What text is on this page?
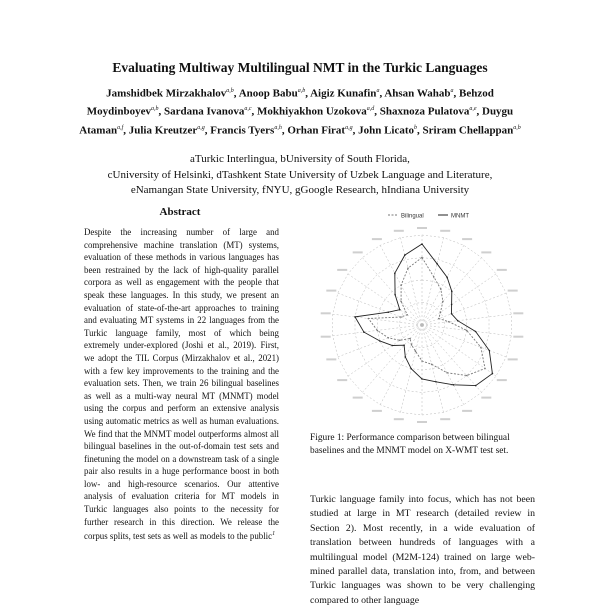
Evaluating Multiway Multilingual NMT in the Turkic Languages
Jamshidbek Mirzakhalov$^{a,b}$, Anoop Babu$^{a,b}$, Aigiz Kunafin$^a$, Ahsan Wahab$^a$, Behzod Moydinboyev$^{a,b}$, Sardana Ivanova$^{a,c}$, Mokhiyakhon Uzokova$^{a,d}$, Shaxnoza Pulatova$^{a,e}$, Duygu Ataman$^{a,f}$, Julia Kreutzer$^{a,g}$, Francis Tyers$^{a,h}$, Orhan Firat$^{a,g}$, John Licato$^b$, Sriram Chellappan$^{a,b}$
aTurkic Interlingua, bUniversity of South Florida,
cUniversity of Helsinki, dTashkent State University of Uzbek Language and Literature,
eNamangan State University, fNYU, gGoogle Research, hIndiana University
Abstract
Despite the increasing number of large and comprehensive machine translation (MT) systems, evaluation of these methods in various languages has been restrained by the lack of high-quality parallel corpora as well as engagement with the people that speak these languages. In this study, we present an evaluation of state-of-the-art approaches to training and evaluating MT systems in 22 languages from the Turkic language family, most of which being extremely under-explored (Joshi et al., 2019). First, we adopt the TIL Corpus (Mirzakhalov et al., 2021) with a few key improvements to the training and the evaluation sets. Then, we train 26 bilingual baselines as well as a multi-way neural MT (MNMT) model using the corpus and perform an extensive analysis using automatic metrics as well as human evaluations. We find that the MNMT model outperforms almost all bilingual baselines in the out-of-domain test sets and finetuning the model on a downstream task of a single pair also results in a huge performance boost in both low- and high-resource scenarios. Our attentive analysis of evaluation criteria for MT models in Turkic languages also points to the necessity for further research in this direction. We release the corpus splits, test sets as well as models to the public$^1$
Bilingual	MNMT
Figure 1: Performance comparison between bilingual baselines and the MNMT model on X-WMT test set.
Turkic language family into focus, which has not been studied at large in MT research (detailed review in Section 2). Most recently, in a wide evaluation of translation between hundreds of languages with a multilingual model (M2M-124) trained on large web-mined parallel data, translation into, from, and between Turkic languages was shown to be very challenging compared to other language
